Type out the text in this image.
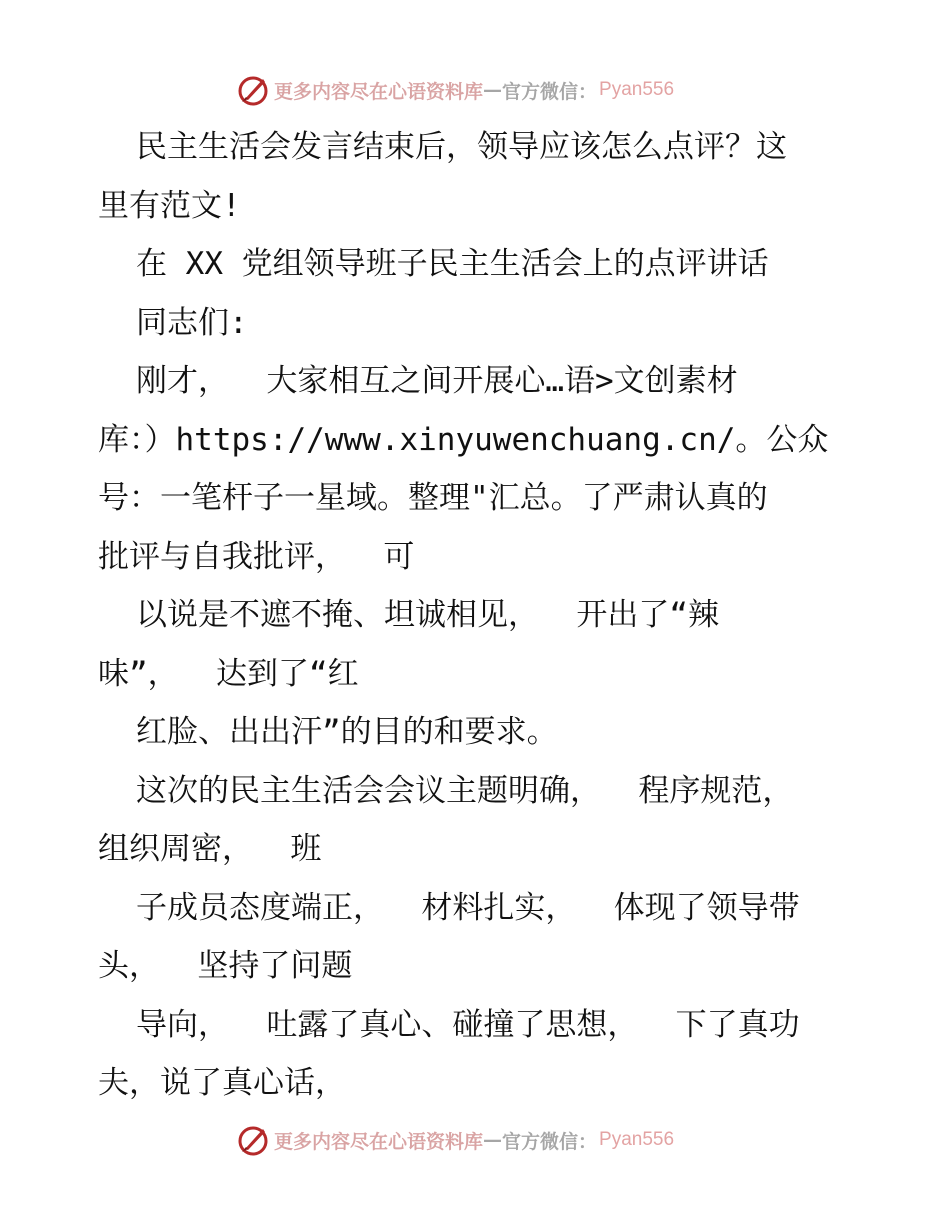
更多内容尽在心语资料库 — 官方微信： Pyan556
民主生活会发言结束后，领导应该怎么点评？这
里有范文!
在 XX 党组领导班子民主生活会上的点评讲话
同志们:
刚才，  大家相互之间开展心…语>文创素材
库：）https://www.xinyuwenchuang.cn/。公众
号：一笔杆子一星域。整理"汇总。了严肃认真的
批评与自我批评，  可
以说是不遮不掩、坦诚相见，  开出了“辣
味”，  达到了“红
红脸、出出汗”的目的和要求。
这次的民主生活会会议主题明确，  程序规范，
组织周密，  班
子成员态度端正，  材料扎实，  体现了领导带
头，  坚持了问题
导向，  吐露了真心、碰撞了思想，  下了真功
夫，说了真心话，
更多内容尽在心语资料库 — 官方微信： Pyan556
